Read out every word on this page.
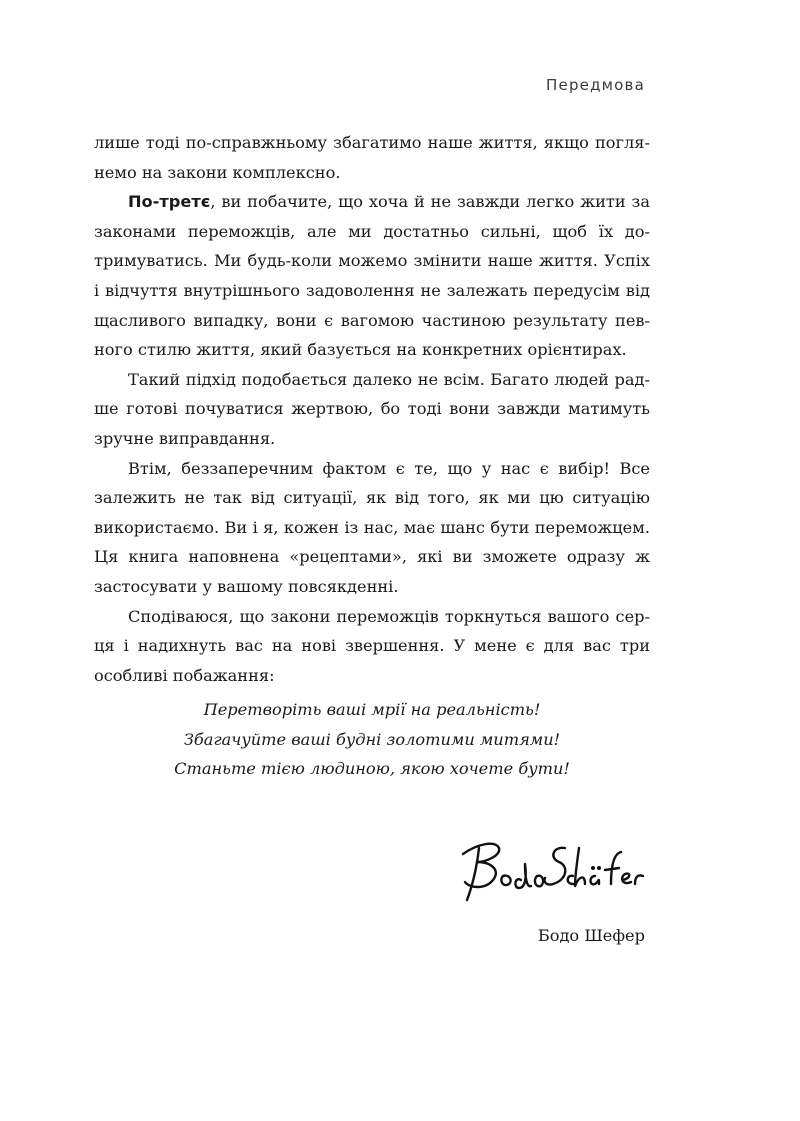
Передмова

лише тоді по-справжньому збагатимо наше життя, якщо поглянемо на закони комплексно.

По-третє, ви побачите, що хоча й не завжди легко жити за законами переможців, але ми достатньо сильні, щоб їх дотримуватись. Ми будь-коли можемо змінити наше життя. Успіх і відчуття внутрішнього задоволення не залежать передусім від щасливого випадку, вони є вагомою частиною результату певного стилю життя, який базується на конкретних орієнтирах.

Такий підхід подобається далеко не всім. Багато людей радше готові почуватися жертвою, бо тоді вони завжди матимуть зручне виправдання.

Втім, беззаперечним фактом є те, що у нас є вибір! Все залежить не так від ситуації, як від того, як ми цю ситуацію використаємо. Ви і я, кожен із нас, має шанс бути переможцем. Ця книга наповнена «рецептами», які ви зможете одразу ж застосувати у вашому повсякденні.

Сподіваюся, що закони переможців торкнуться вашого серця і надихнуть вас на нові звершення. У мене є для вас три особливі побажання:

Перетворіть ваші мрії на реальність!
Збагачуйте ваші будні золотими митями!
Станьте тією людиною, якою хочете бути!
Бодо Шефер
